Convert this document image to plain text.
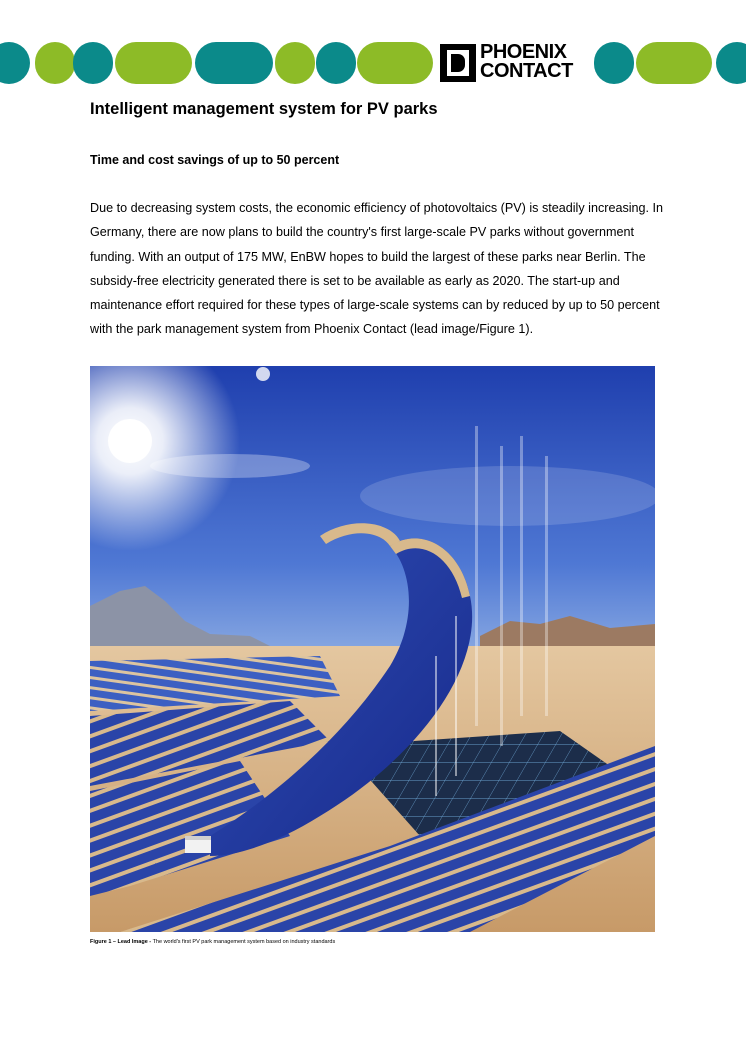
PHOENIX
CONTACT
Intelligent management system for PV parks
Time and cost savings of up to 50 percent

Due to decreasing system costs, the economic efficiency of photovoltaics (PV) is steadily increasing. In Germany, there are now plans to build the country's first large-scale PV parks without government funding. With an output of 175 MW, EnBW hopes to build the largest of these parks near Berlin. The subsidy-free electricity generated there is set to be available as early as 2020. The start-up and maintenance effort required for these types of large-scale systems can by reduced by up to 50 percent with the park management system from Phoenix Contact (lead image/Figure 1).

Figure 1 – Lead Image - The world's first PV park management system based on industry standards
